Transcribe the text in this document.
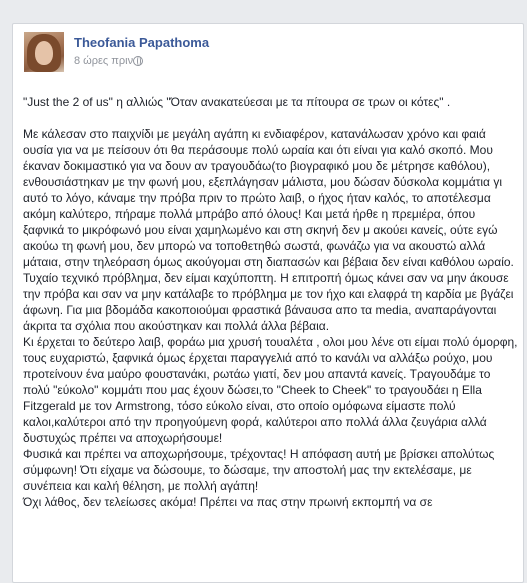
Theofania Papathoma
8 ώρες πριν

"Just the 2 of us" η αλλιώς "Όταν ανακατεύεσαι με τα πίτουρα σε τρων οι κότες" .

Με κάλεσαν στο παιχνίδι με μεγάλη αγάπη κι ενδιαφέρον, κατανάλωσαν χρόνο και φαιά ουσία για να με πείσουν ότι θα περάσουμε πολύ ωραία και ότι είναι για καλό σκοπό. Μου έκαναν δοκιμαστικό για να δουν αν τραγουδάω(το βιογραφικό μου δε μέτρησε καθόλου), ενθουσιάστηκαν με την φωνή μου, εξεπλάγησαν μάλιστα, μου δώσαν δύσκολα κομμάτια γι αυτό το λόγο, κάναμε την πρόβα πριν το πρώτο λαιβ, ο ήχος ήταν καλός, το αποτέλεσμα ακόμη καλύτερο, πήραμε πολλά μπράβο από όλους! Και μετά ήρθε η πρεμιέρα, όπου ξαφνικά το μικρόφωνό μου είναι χαμηλωμένο και στη σκηνή δεν μ ακούει κανείς, ούτε εγώ ακούω τη φωνή μου, δεν μπορώ να τοποθετηθώ σωστά, φωνάζω για να ακουστώ αλλά μάταια, στην τηλεόραση όμως ακούγομαι στη διαπασών και βέβαια δεν είναι καθόλου ωραίο. Τυχαίο τεχνικό πρόβλημα, δεν είμαι καχύποπτη. Η επιτροπή όμως κάνει σαν να μην άκουσε την πρόβα και σαν να μην κατάλαβε το πρόβλημα με τον ήχο και ελαφρά τη καρδία με βγάζει άφωνη. Για μια βδομάδα κακοποιούμαι φραστικά βάναυσα απο τα media, αναπαράγονται άκριτα τα σχόλια που ακούστηκαν και πολλά άλλα βέβαια.

Κι έρχεται το δεύτερο λαιβ, φοράω μια χρυσή τουαλέτα , ολοι μου λένε οτι είμαι πολύ όμορφη, τους ευχαριστώ, ξαφνικά όμως έρχεται παραγγελιά από το κανάλι να αλλάξω ρούχο, μου προτείνουν ένα μαύρο φουστανάκι, ρωτάω γιατί, δεν μου απαντά κανείς. Τραγουδάμε το πολύ "εύκολο" κομμάτι που μας έχουν δώσει,το "Cheek to Cheek" το τραγουδάει η Ella Fitzgerald με τον Armstrong, τόσο εύκολο είναι, στο οποίο ομόφωνα είμαστε πολύ καλοι,καλύτεροι από την προηγούμενη φορά, καλύτεροι απο πολλά άλλα ζευγάρια αλλά δυστυχώς πρέπει να αποχωρήσουμε!

Φυσικά και πρέπει να αποχωρήσουμε, τρέχοντας! Η απόφαση αυτή με βρίσκει απολύτως σύμφωνη! Ότι είχαμε να δώσουμε, το δώσαμε, την αποστολή μας την εκτελέσαμε, με συνέπεια και καλή θέληση, με πολλή αγάπη!

Όχι λάθος, δεν τελείωσες ακόμα! Πρέπει να πας στην πρωινή εκπομπή να σε
